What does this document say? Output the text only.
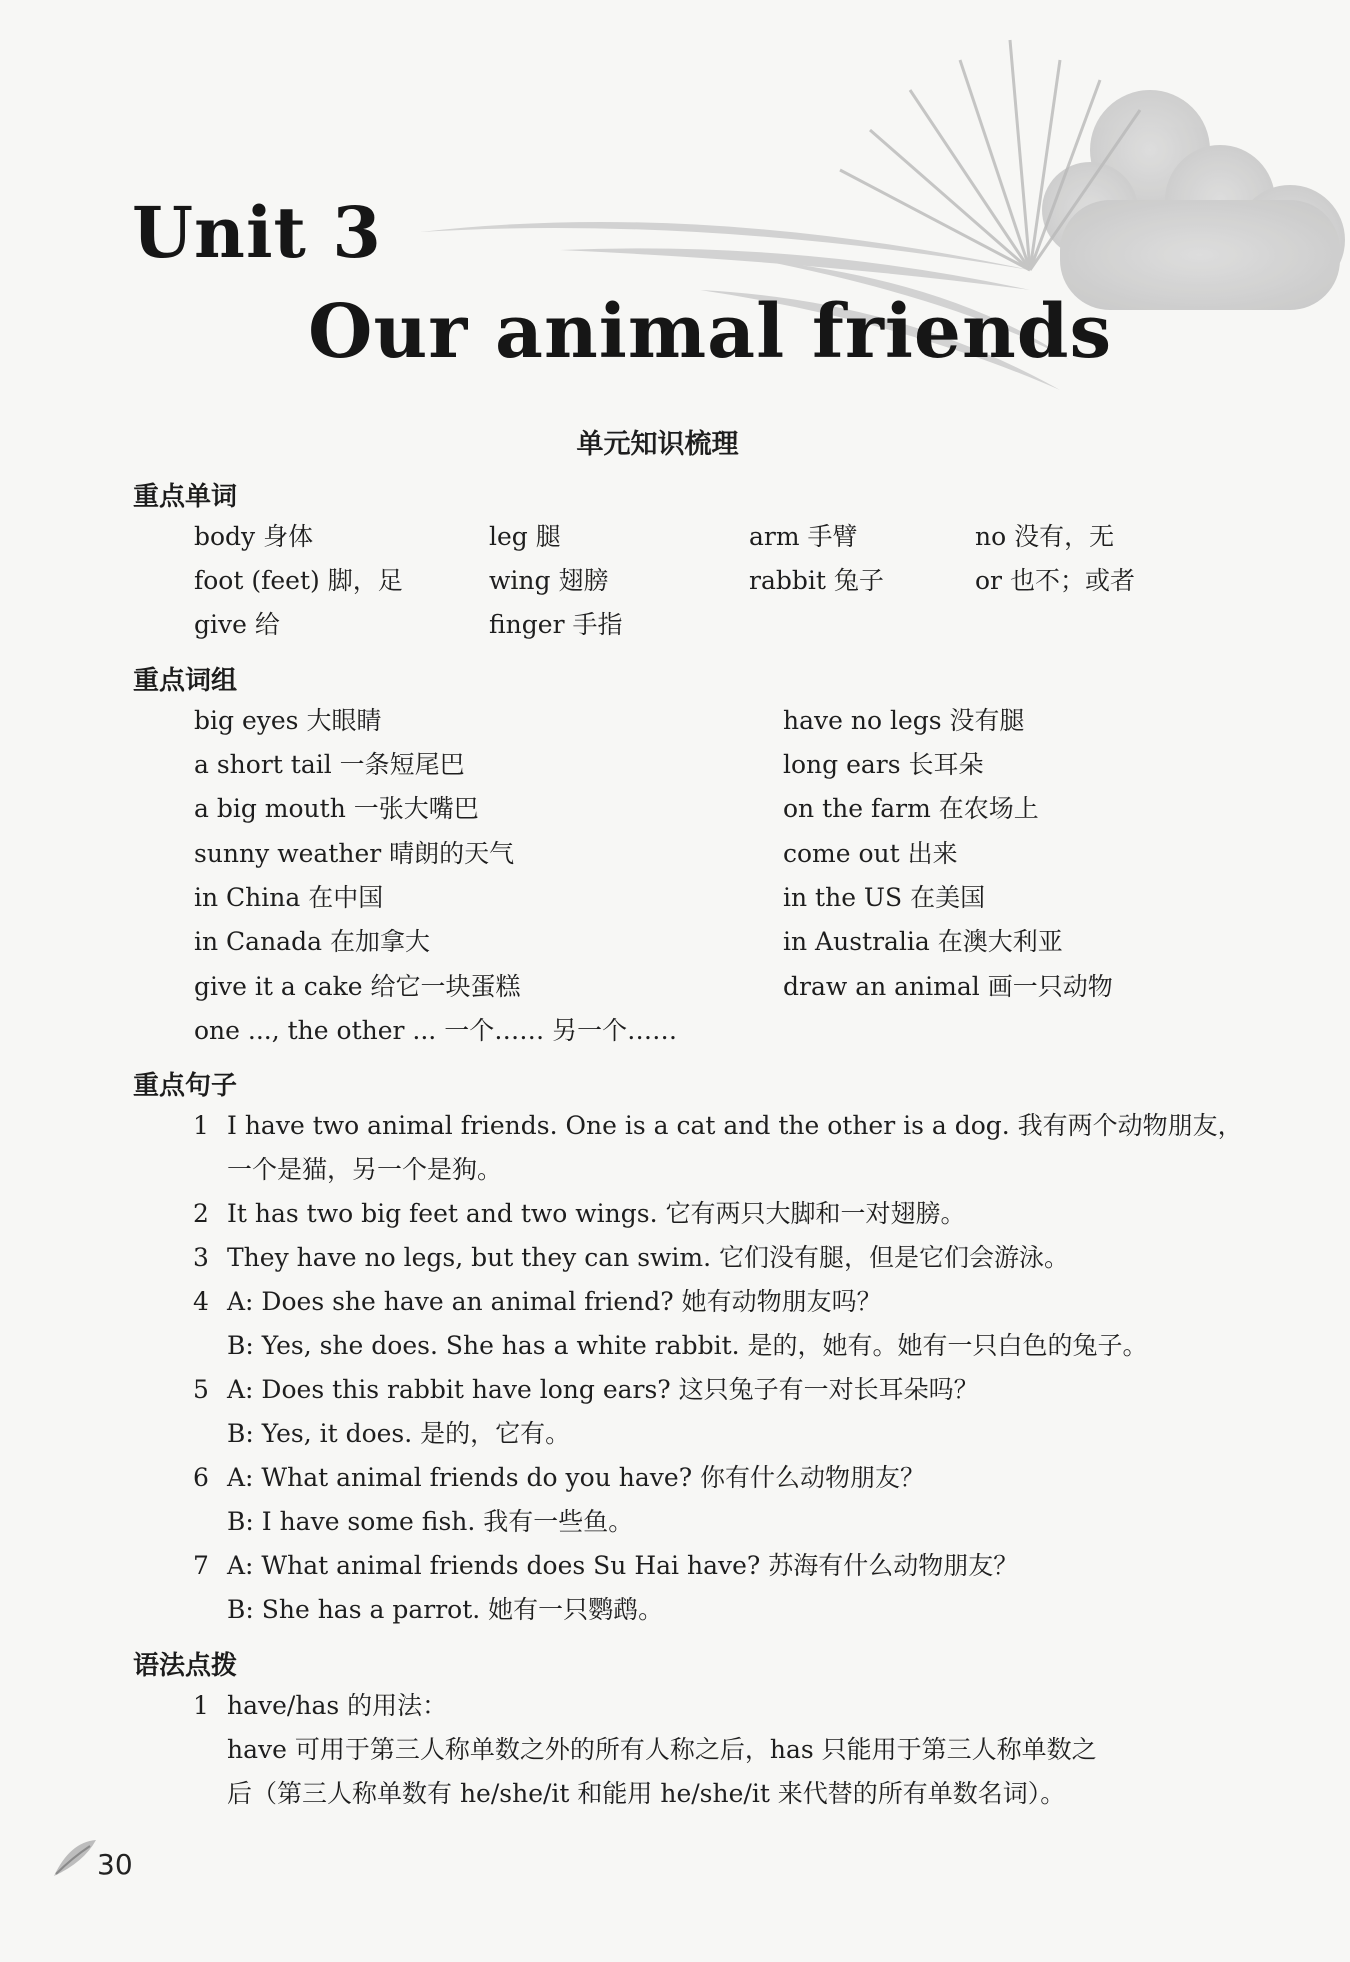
Unit 3
Our animal friends
单元知识梳理
重点单词
body 身体	leg 腿	arm 手臂	no 没有，无
foot (feet) 脚，足	wing 翅膀	rabbit 兔子	or 也不；或者
give 给	finger 手指
重点词组
big eyes 大眼睛	have no legs 没有腿
a short tail 一条短尾巴	long ears 长耳朵
a big mouth 一张大嘴巴	on the farm 在农场上
sunny weather 晴朗的天气	come out 出来
in China 在中国	in the US 在美国
in Canada 在加拿大	in Australia 在澳大利亚
give it a cake 给它一块蛋糕	draw an animal 画一只动物
one ..., the other ... 一个…… 另一个……
重点句子
1 I have two animal friends. One is a cat and the other is a dog. 我有两个动物朋友，
一个是猫，另一个是狗。
2 It has two big feet and two wings. 它有两只大脚和一对翅膀。
3 They have no legs, but they can swim. 它们没有腿，但是它们会游泳。
4 A: Does she have an animal friend? 她有动物朋友吗？
B: Yes, she does. She has a white rabbit. 是的，她有。她有一只白色的兔子。
5 A: Does this rabbit have long ears? 这只兔子有一对长耳朵吗？
B: Yes, it does. 是的，它有。
6 A: What animal friends do you have? 你有什么动物朋友？
B: I have some fish. 我有一些鱼。
7 A: What animal friends does Su Hai have? 苏海有什么动物朋友？
B: She has a parrot. 她有一只鹦鹉。
语法点拨
1 have/has 的用法：
have 可用于第三人称单数之外的所有人称之后，has 只能用于第三人称单数之
后（第三人称单数有 he/she/it 和能用 he/she/it 来代替的所有单数名词）。
30
